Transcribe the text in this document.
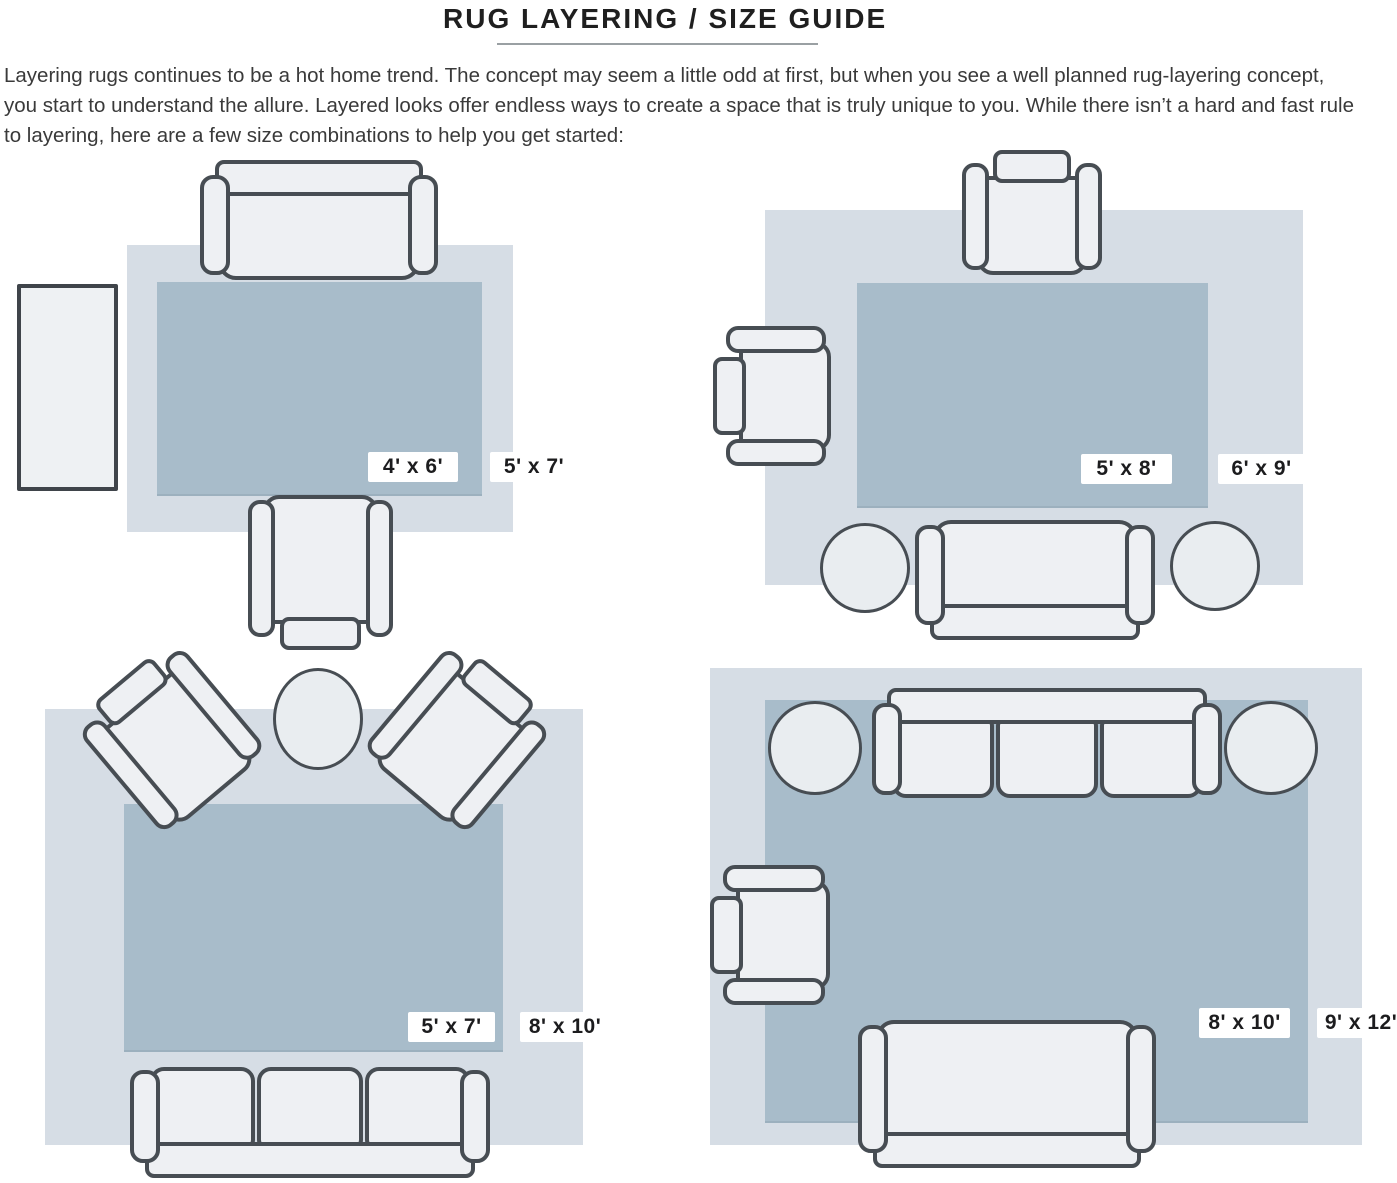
RUG LAYERING / SIZE GUIDE
Layering rugs continues to be a hot home trend. The concept may seem a little odd at first, but when you see a well planned rug-layering concept,
you start to understand the allure. Layered looks offer endless ways to create a space that is truly unique to you. While there isn’t a hard and fast rule
to layering, here are a few size combinations to help you get started:
4' x 6'	5' x 7'	5' x 8'	6' x 9'
5' x 7'	8' x 10'	8' x 10'	9' x 12'
